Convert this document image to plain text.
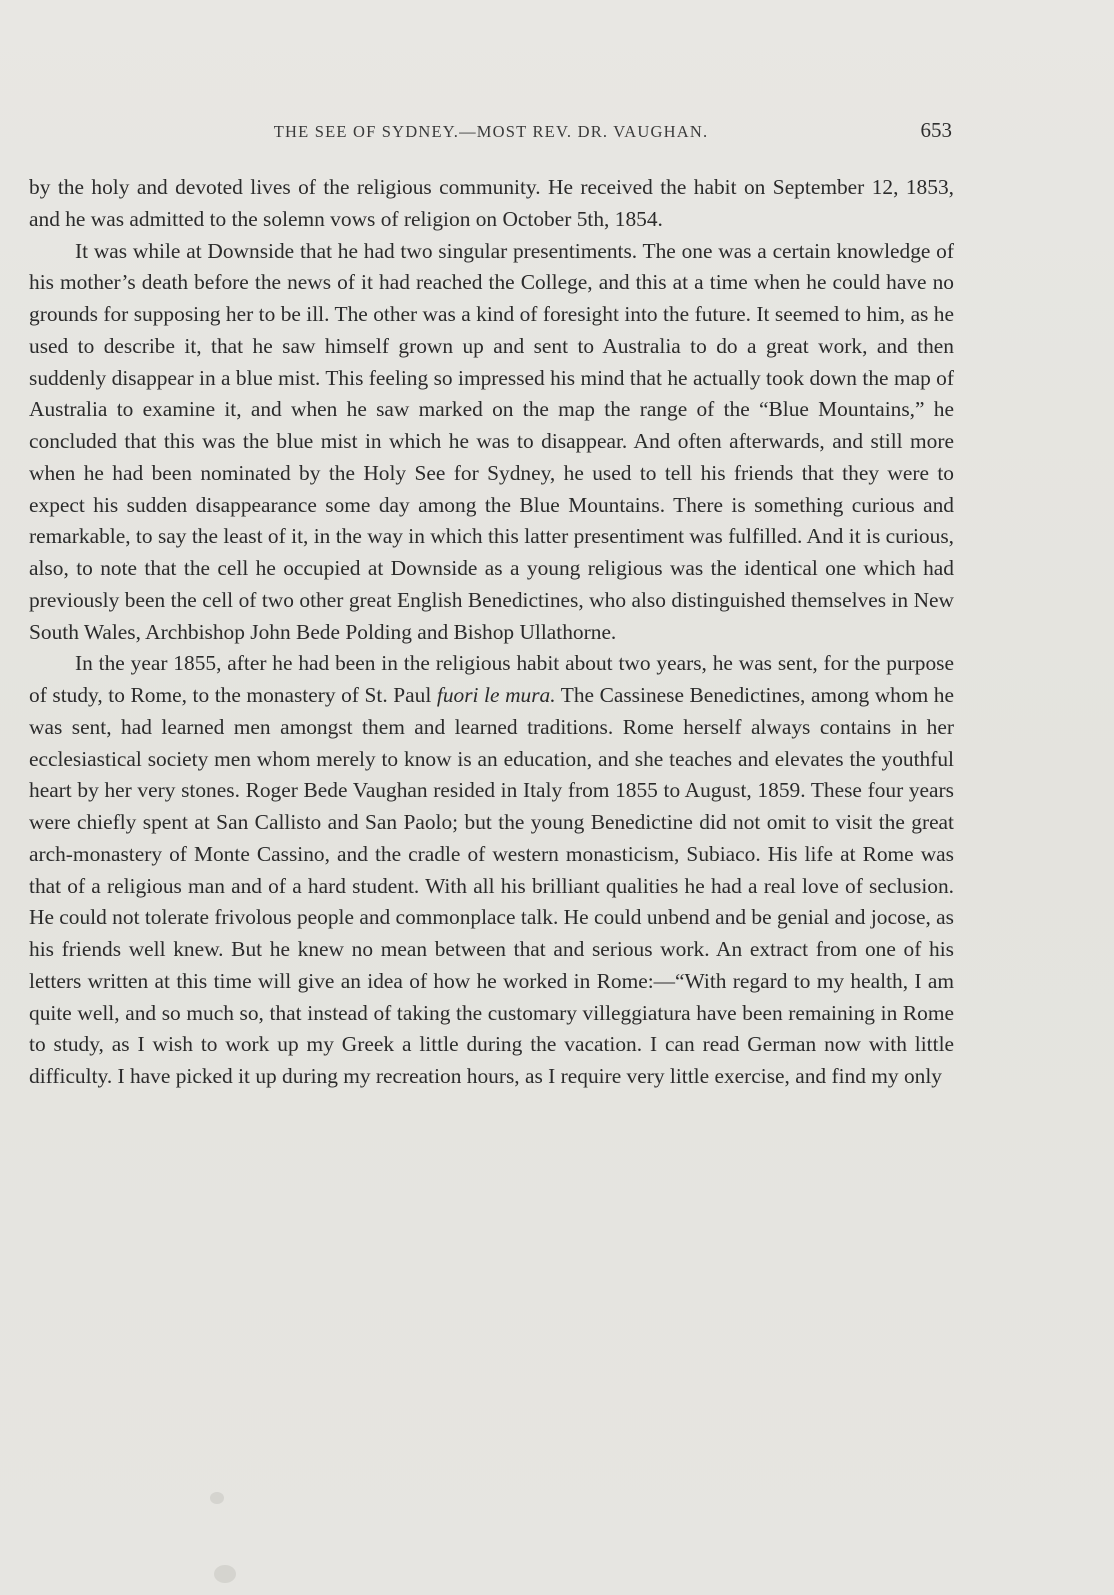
THE SEE OF SYDNEY.—MOST REV. DR. VAUGHAN.	653

by the holy and devoted lives of the religious community. He received the habit on September 12, 1853, and he was admitted to the solemn vows of religion on October 5th, 1854.

It was while at Downside that he had two singular presentiments. The one was a certain knowledge of his mother’s death before the news of it had reached the College, and this at a time when he could have no grounds for supposing her to be ill. The other was a kind of foresight into the future. It seemed to him, as he used to describe it, that he saw himself grown up and sent to Australia to do a great work, and then suddenly disappear in a blue mist. This feeling so impressed his mind that he actually took down the map of Australia to examine it, and when he saw marked on the map the range of the “Blue Mountains,” he concluded that this was the blue mist in which he was to disappear. And often afterwards, and still more when he had been nominated by the Holy See for Sydney, he used to tell his friends that they were to expect his sudden disappearance some day among the Blue Mountains. There is something curious and remarkable, to say the least of it, in the way in which this latter presentiment was fulfilled. And it is curious, also, to note that the cell he occupied at Downside as a young religious was the identical one which had previously been the cell of two other great English Benedictines, who also distinguished themselves in New South Wales, Archbishop John Bede Polding and Bishop Ullathorne.

In the year 1855, after he had been in the religious habit about two years, he was sent, for the purpose of study, to Rome, to the monastery of St. Paul fuori le mura. The Cassinese Benedictines, among whom he was sent, had learned men amongst them and learned traditions. Rome herself always contains in her ecclesiastical society men whom merely to know is an education, and she teaches and elevates the youthful heart by her very stones. Roger Bede Vaughan resided in Italy from 1855 to August, 1859. These four years were chiefly spent at San Callisto and San Paolo; but the young Benedictine did not omit to visit the great arch-monastery of Monte Cassino, and the cradle of western monasticism, Subiaco. His life at Rome was that of a religious man and of a hard student. With all his brilliant qualities he had a real love of seclusion. He could not tolerate frivolous people and commonplace talk. He could unbend and be genial and jocose, as his friends well knew. But he knew no mean between that and serious work. An extract from one of his letters written at this time will give an idea of how he worked in Rome:—“With regard to my health, I am quite well, and so much so, that instead of taking the customary villeggiatura have been remaining in Rome to study, as I wish to work up my Greek a little during the vacation. I can read German now with little difficulty. I have picked it up during my recreation hours, as I require very little exercise, and find my only
